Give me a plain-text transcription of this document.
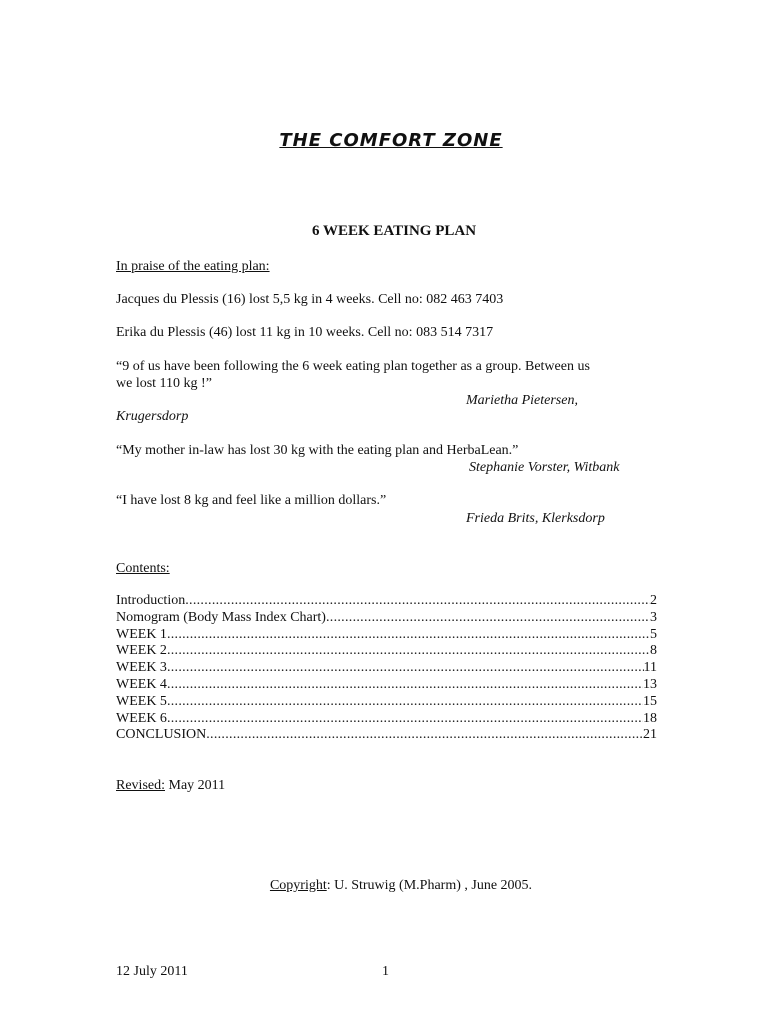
THE COMFORT ZONE
6 WEEK EATING PLAN
In praise of the eating plan:
Jacques du Plessis (16) lost 5,5 kg in 4 weeks. Cell no: 082 463 7403
Erika du Plessis (46) lost 11 kg in 10 weeks. Cell no: 083 514 7317
“9 of us have been following the 6 week eating plan together as a group. Between us
we lost 110 kg !”
Marietha Pietersen,
Krugersdorp
“My mother in-law has lost 30 kg with the eating plan and HerbaLean.”
Stephanie Vorster, Witbank
“I have lost 8 kg and feel like a million dollars.”
Frieda Brits, Klerksdorp
Contents:
Introduction .....	2
Nomogram (Body Mass Index Chart) .....	3
WEEK 1 .....	5
WEEK 2 .....	8
WEEK 3 .....	11
WEEK 4 .....	13
WEEK 5 .....	15
WEEK 6 .....	18
CONCLUSION .....	21
Revised: May 2011
Copyright: U. Struwig (M.Pharm) , June 2005.
12 July 2011	1
